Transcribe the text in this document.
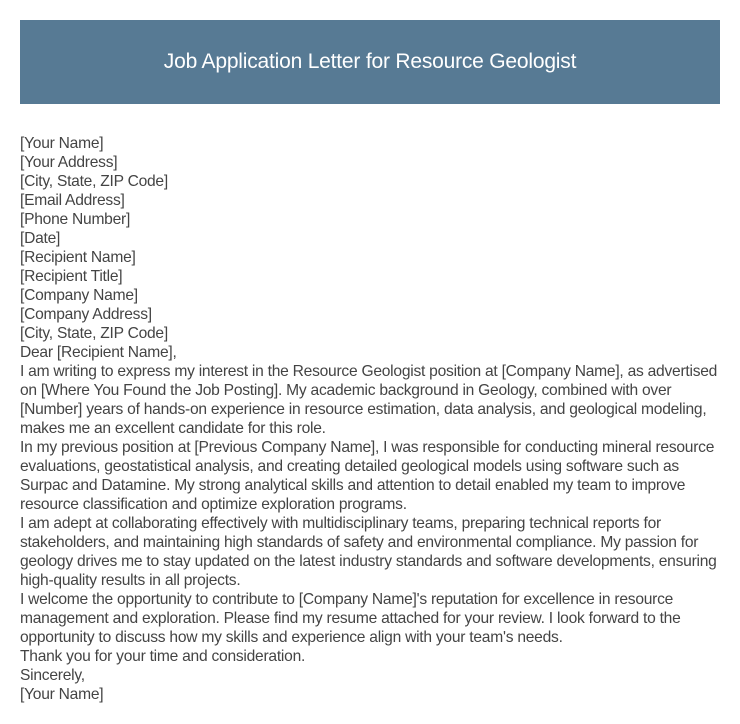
Job Application Letter for Resource Geologist
[Your Name]
[Your Address]
[City, State, ZIP Code]
[Email Address]
[Phone Number]
[Date]
[Recipient Name]
[Recipient Title]
[Company Name]
[Company Address]
[City, State, ZIP Code]
Dear [Recipient Name],
I am writing to express my interest in the Resource Geologist position at [Company Name], as advertised on [Where You Found the Job Posting]. My academic background in Geology, combined with over [Number] years of hands-on experience in resource estimation, data analysis, and geological modeling, makes me an excellent candidate for this role.
In my previous position at [Previous Company Name], I was responsible for conducting mineral resource evaluations, geostatistical analysis, and creating detailed geological models using software such as Surpac and Datamine. My strong analytical skills and attention to detail enabled my team to improve resource classification and optimize exploration programs.
I am adept at collaborating effectively with multidisciplinary teams, preparing technical reports for stakeholders, and maintaining high standards of safety and environmental compliance. My passion for geology drives me to stay updated on the latest industry standards and software developments, ensuring high-quality results in all projects.
I welcome the opportunity to contribute to [Company Name]'s reputation for excellence in resource management and exploration. Please find my resume attached for your review. I look forward to the opportunity to discuss how my skills and experience align with your team's needs.
Thank you for your time and consideration.
Sincerely,
[Your Name]
